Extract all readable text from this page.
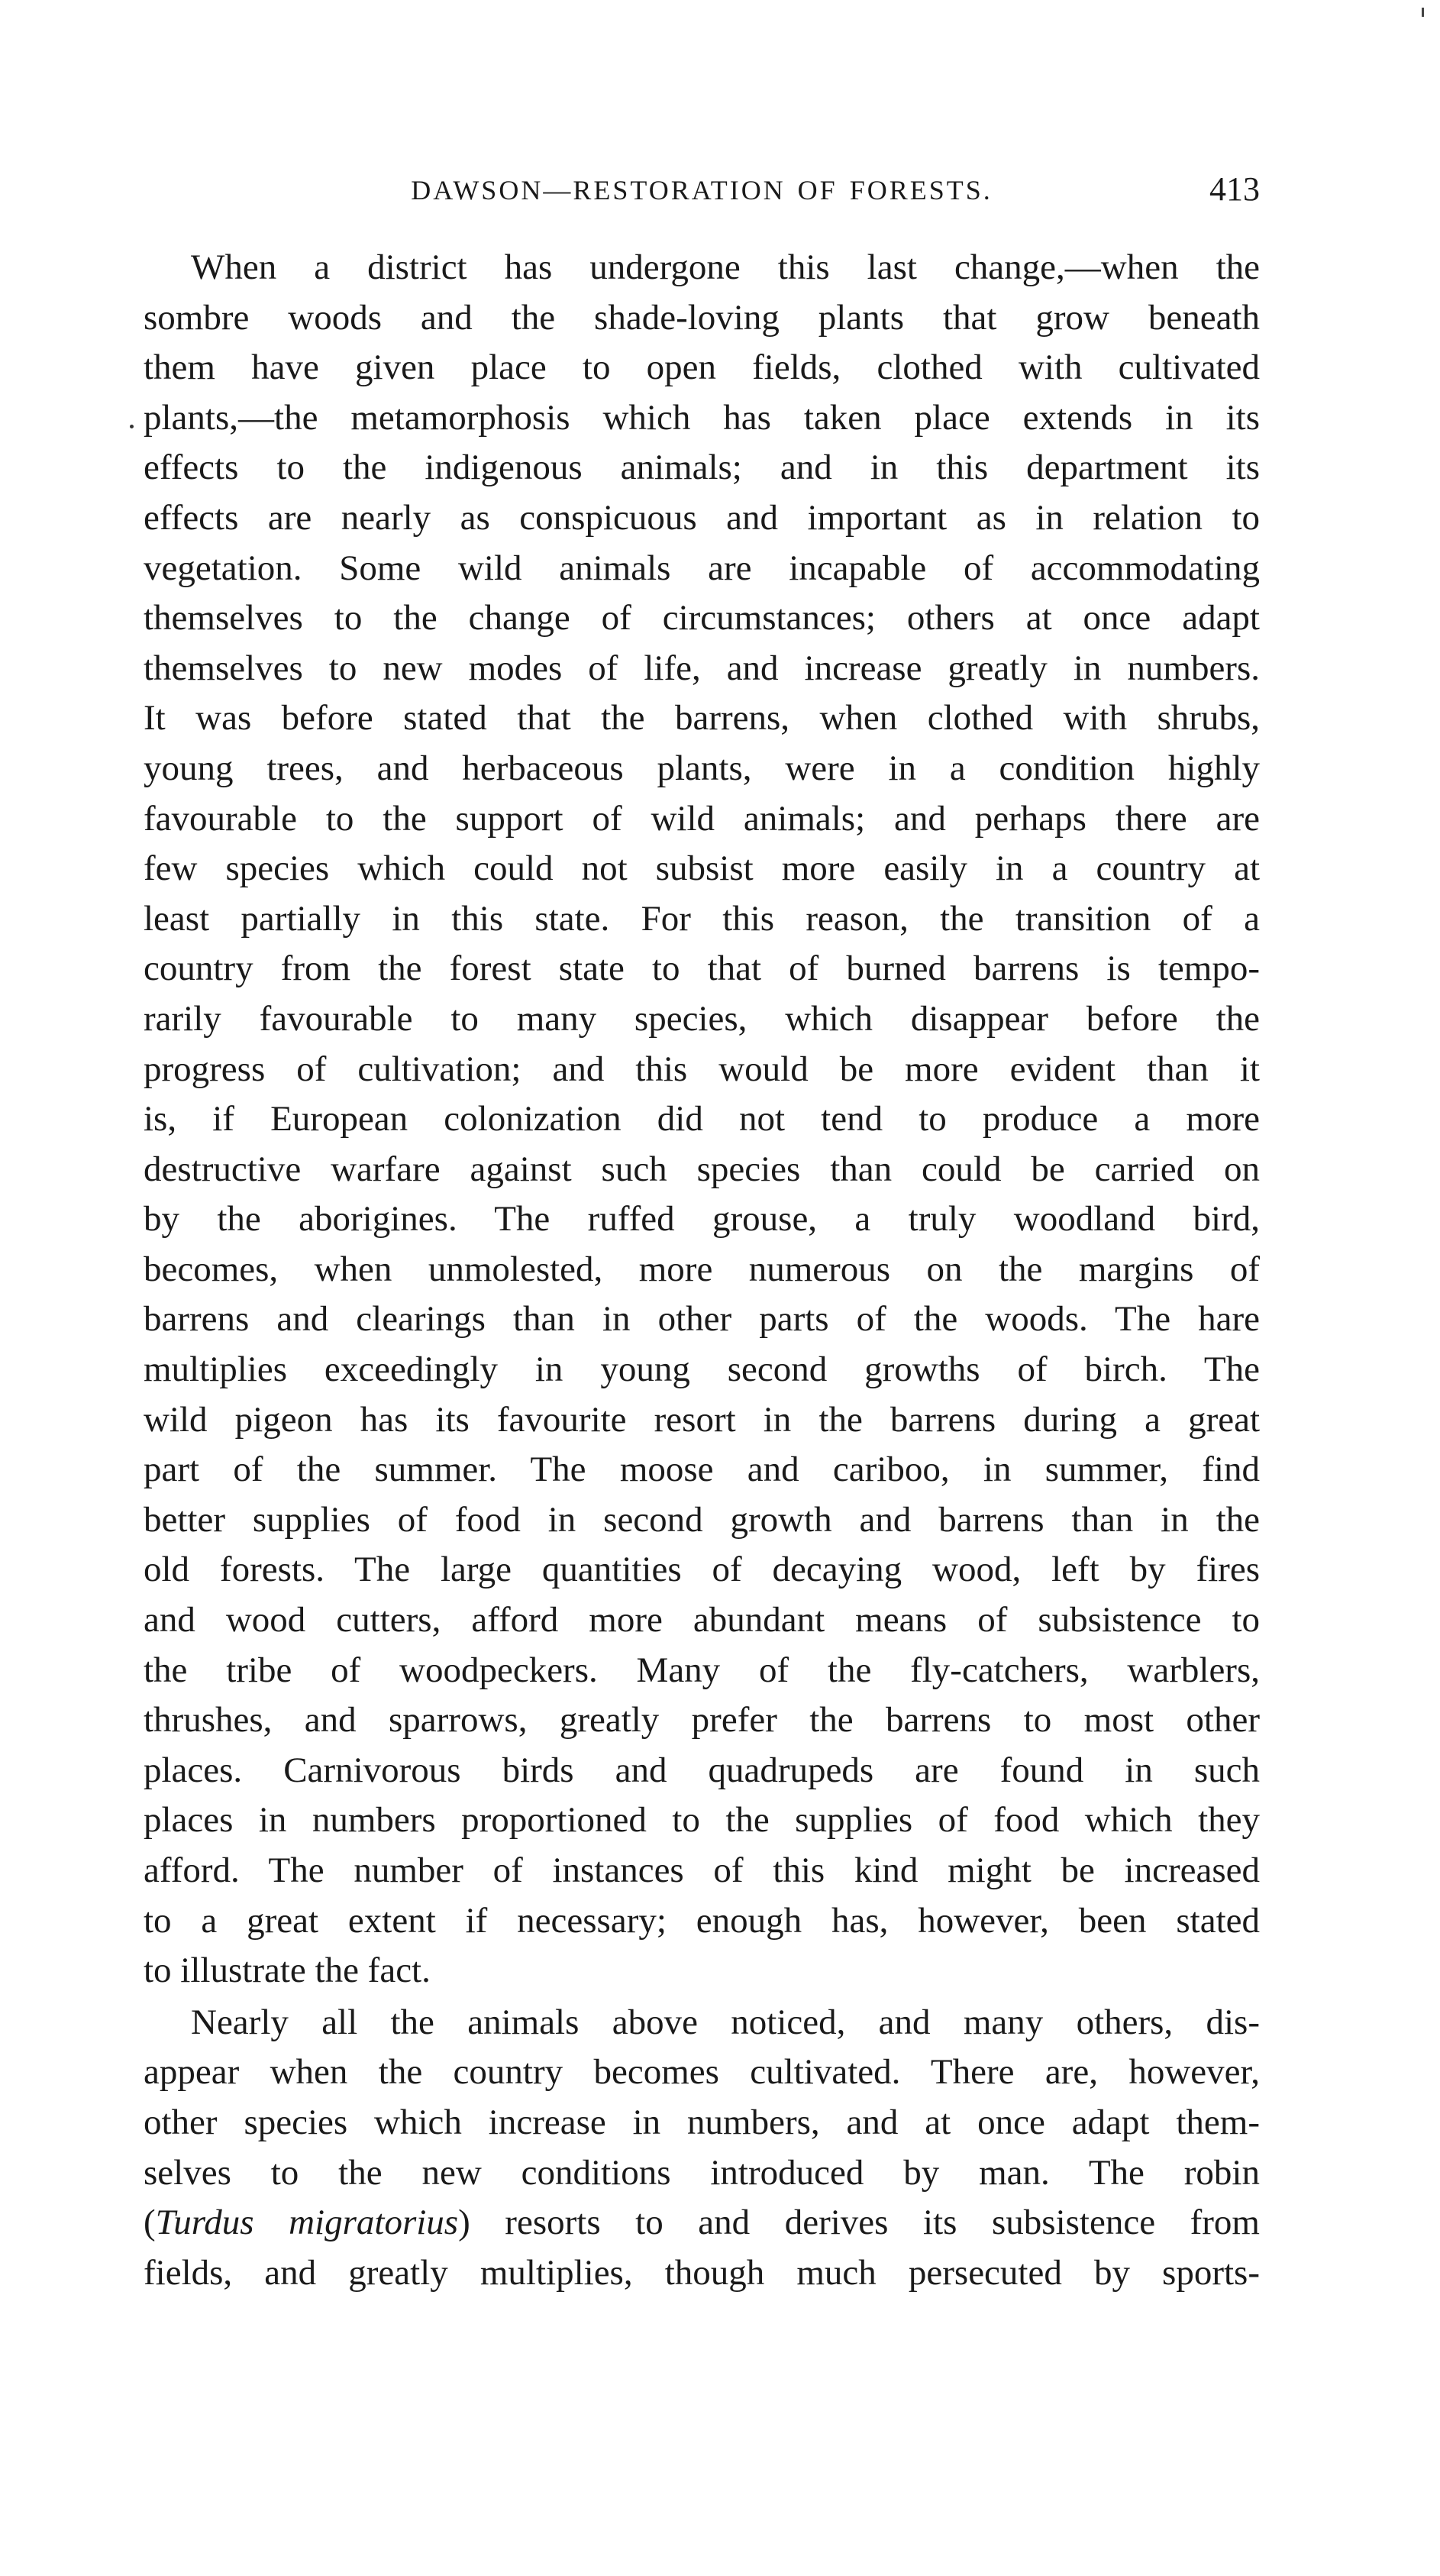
DAWSON—RESTORATION OF FORESTS.	413
When a district has undergone this last change,—when the
sombre woods and the shade-loving plants that grow beneath
them have given place to open fields, clothed with cultivated
plants,—the metamorphosis which has taken place extends in its
effects to the indigenous animals; and in this department its
effects are nearly as conspicuous and important as in relation to
vegetation. Some wild animals are incapable of accommodating
themselves to the change of circumstances; others at once adapt
themselves to new modes of life, and increase greatly in numbers.
It was before stated that the barrens, when clothed with shrubs,
young trees, and herbaceous plants, were in a condition highly
favourable to the support of wild animals; and perhaps there are
few species which could not subsist more easily in a country at
least partially in this state. For this reason, the transition of a
country from the forest state to that of burned barrens is tempo-
rarily favourable to many species, which disappear before the
progress of cultivation; and this would be more evident than it
is, if European colonization did not tend to produce a more
destructive warfare against such species than could be carried on
by the aborigines. The ruffed grouse, a truly woodland bird,
becomes, when unmolested, more numerous on the margins of
barrens and clearings than in other parts of the woods. The hare
multiplies exceedingly in young second growths of birch. The
wild pigeon has its favourite resort in the barrens during a great
part of the summer. The moose and cariboo, in summer, find
better supplies of food in second growth and barrens than in the
old forests. The large quantities of decaying wood, left by fires
and wood cutters, afford more abundant means of subsistence to
the tribe of woodpeckers. Many of the fly-catchers, warblers,
thrushes, and sparrows, greatly prefer the barrens to most other
places. Carnivorous birds and quadrupeds are found in such
places in numbers proportioned to the supplies of food which they
afford. The number of instances of this kind might be increased
to a great extent if necessary; enough has, however, been stated
to illustrate the fact.
Nearly all the animals above noticed, and many others, dis-
appear when the country becomes cultivated. There are, however,
other species which increase in numbers, and at once adapt them-
selves to the new conditions introduced by man. The robin
(Turdus migratorius) resorts to and derives its subsistence from
fields, and greatly multiplies, though much persecuted by sports-
